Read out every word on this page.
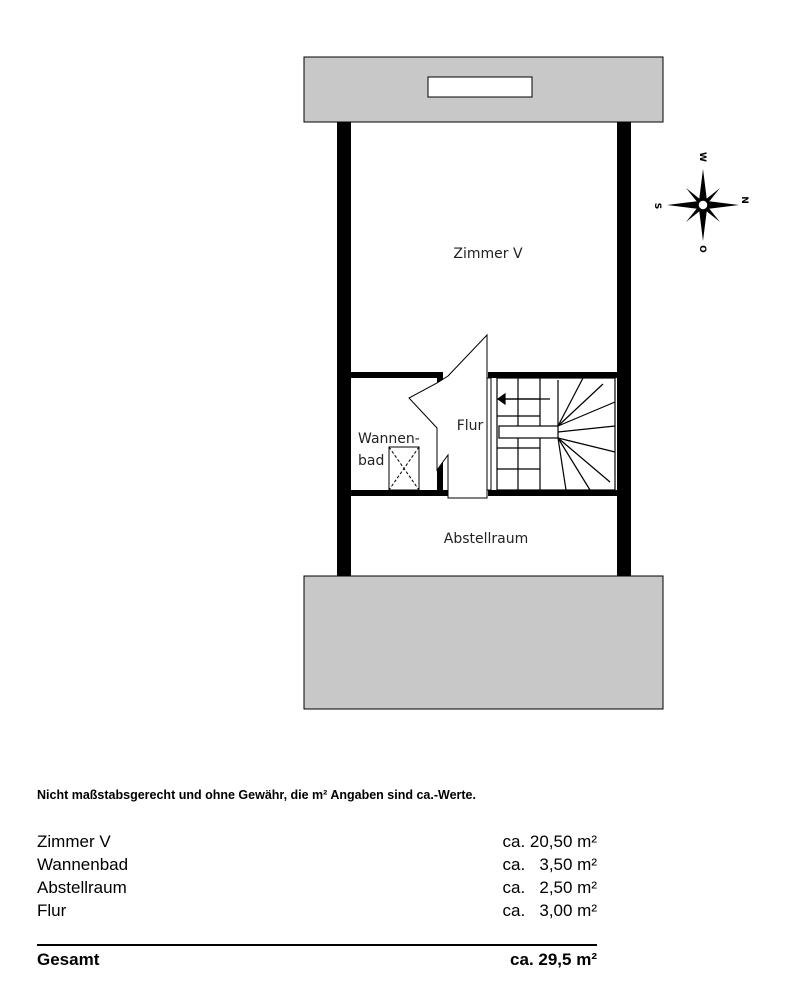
Zimmer V
Flur
Wannen-
bad
Abstellraum
W
N
O
S

Nicht maßstabsgerecht und ohne Gewähr, die m² Angaben sind ca.-Werte.

Zimmer V	ca. 20,50 m²
Wannenbad	ca.   3,50 m²
Abstellraum	ca.   2,50 m²
Flur	ca.   3,00 m²
Gesamt	ca. 29,5 m²
